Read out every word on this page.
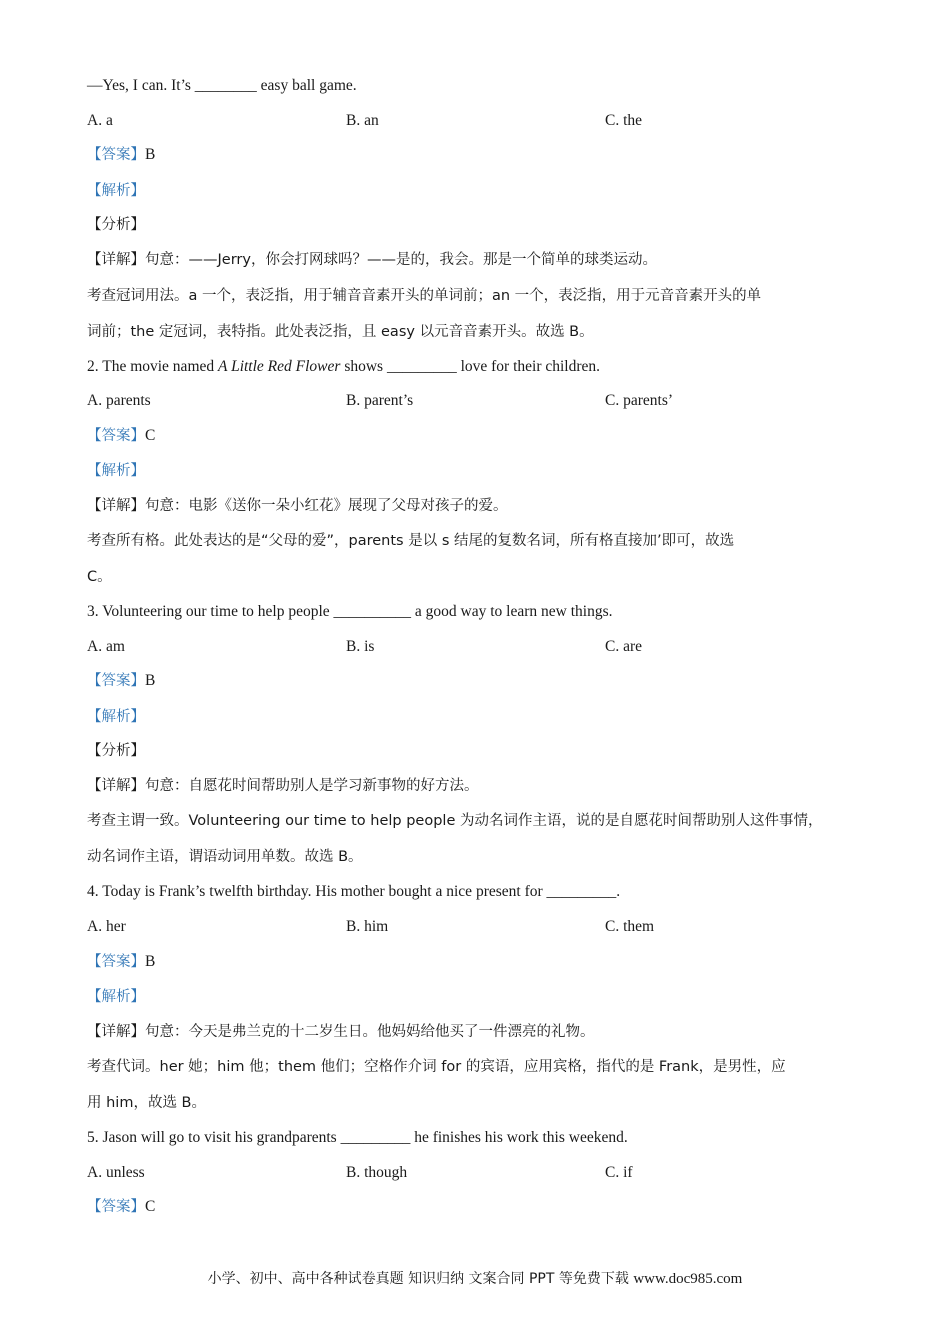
—Yes, I can. It’s ________ easy ball game.
A. a	B. an	C. the
【答案】B
【解析】
【分析】
【详解】句意：——Jerry，你会打网球吗？——是的，我会。那是一个简单的球类运动。
考查冠词用法。a 一个，表泛指，用于辅音音素开头的单词前；an 一个，表泛指，用于元音音素开头的单
词前；the 定冠词，表特指。此处表泛指，且 easy 以元音音素开头。故选 B。
2. The movie named A Little Red Flower shows _________ love for their children.
A. parents	B. parent’s	C. parents’
【答案】C
【解析】
【详解】句意：电影《送你一朵小红花》展现了父母对孩子的爱。
考查所有格。此处表达的是“父母的爱”，parents 是以 s 结尾的复数名词，所有格直接加’即可，故选
C。
3. Volunteering our time to help people __________ a good way to learn new things.
A. am	B. is	C. are
【答案】B
【解析】
【分析】
【详解】句意：自愿花时间帮助别人是学习新事物的好方法。
考查主谓一致。Volunteering our time to help people 为动名词作主语，说的是自愿花时间帮助别人这件事情，
动名词作主语，谓语动词用单数。故选 B。
4. Today is Frank’s twelfth birthday. His mother bought a nice present for _________.
A. her	B. him	C. them
【答案】B
【解析】
【详解】句意：今天是弗兰克的十二岁生日。他妈妈给他买了一件漂亮的礼物。
考查代词。her 她；him 他；them 他们；空格作介词 for 的宾语，应用宾格，指代的是 Frank，是男性，应
用 him，故选 B。
5. Jason will go to visit his grandparents _________ he finishes his work this weekend.
A. unless	B. though	C. if
【答案】C
小学、初中、高中各种试卷真题 知识归纳 文案合同 PPT 等免费下载 www.doc985.com
